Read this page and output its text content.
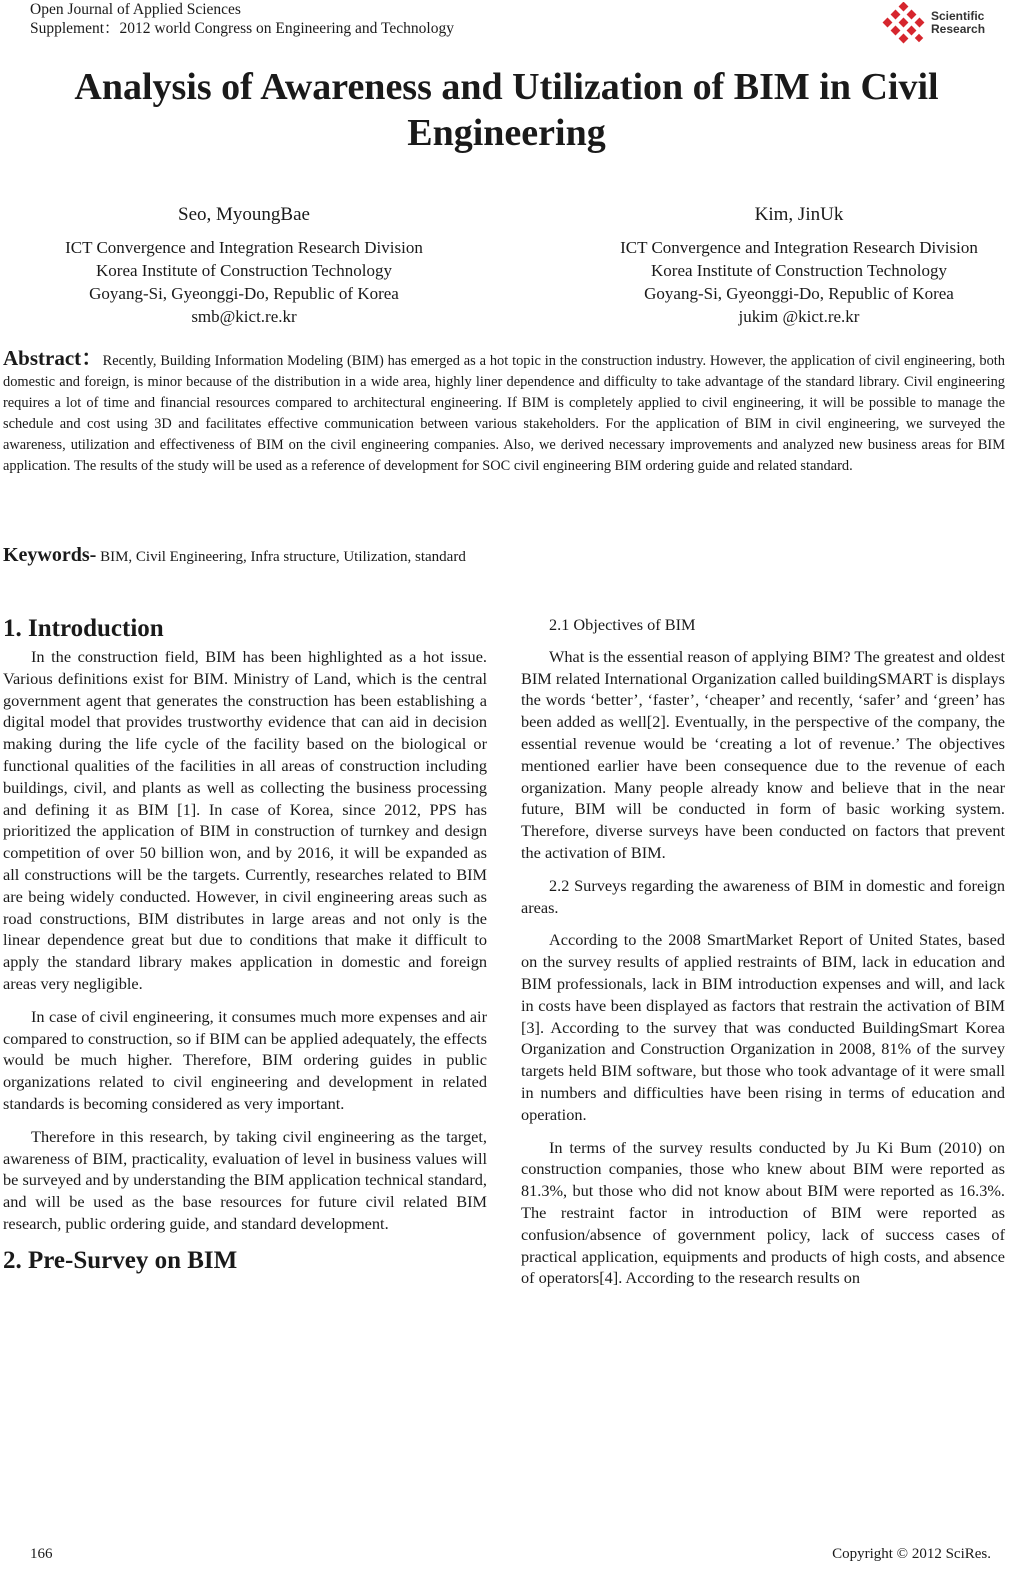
Open Journal of Applied Sciences
Supplement：2012 world Congress on Engineering and Technology
Scientific
Research
Analysis of Awareness and Utilization of BIM in Civil Engineering
Seo, MyoungBae
ICT Convergence and Integration Research Division
Korea Institute of Construction Technology
Goyang-Si, Gyeonggi-Do, Republic of Korea
smb@kict.re.kr
Kim, JinUk
ICT Convergence and Integration Research Division
Korea Institute of Construction Technology
Goyang-Si, Gyeonggi-Do, Republic of Korea
jukim @kict.re.kr
Abstract：Recently, Building Information Modeling (BIM) has emerged as a hot topic in the construction industry. However, the application of civil engineering, both domestic and foreign, is minor because of the distribution in a wide area, highly liner dependence and difficulty to take advantage of the standard library. Civil engineering requires a lot of time and financial resources compared to architectural engineering. If BIM is completely applied to civil engineering, it will be possible to manage the schedule and cost using 3D and facilitates effective communication between various stakeholders. For the application of BIM in civil engineering, we surveyed the awareness, utilization and effectiveness of BIM on the civil engineering companies. Also, we derived necessary improvements and analyzed new business areas for BIM application. The results of the study will be used as a reference of development for SOC civil engineering BIM ordering guide and related standard.
Keywords- BIM, Civil Engineering, Infra structure, Utilization, standard
1. Introduction

In the construction field, BIM has been highlighted as a hot issue. Various definitions exist for BIM. Ministry of Land, which is the central government agent that generates the construction has been establishing a digital model that provides trustworthy evidence that can aid in decision making during the life cycle of the facility based on the biological or functional qualities of the facilities in all areas of construction including buildings, civil, and plants as well as collecting the business processing and defining it as BIM [1]. In case of Korea, since 2012, PPS has prioritized the application of BIM in construction of turnkey and design competition of over 50 billion won, and by 2016, it will be expanded as all constructions will be the targets. Currently, researches related to BIM are being widely conducted. However, in civil engineering areas such as road constructions, BIM distributes in large areas and not only is the linear dependence great but due to conditions that make it difficult to apply the standard library makes application in domestic and foreign areas very negligible.

In case of civil engineering, it consumes much more expenses and air compared to construction, so if BIM can be applied adequately, the effects would be much higher. Therefore, BIM ordering guides in public organizations related to civil engineering and development in related standards is becoming considered as very important.

Therefore in this research, by taking civil engineering as the target, awareness of BIM, practicality, evaluation of level in business values will be surveyed and by understanding the BIM application technical standard, and will be used as the base resources for future civil related BIM research, public ordering guide, and standard development.

2. Pre-Survey on BIM
2.1 Objectives of BIM

What is the essential reason of applying BIM? The greatest and oldest BIM related International Organization called buildingSMART is displays the words ‘better’, ‘faster’, ‘cheaper’ and recently, ‘safer’ and ‘green’ has been added as well[2]. Eventually, in the perspective of the company, the essential revenue would be ‘creating a lot of revenue.’ The objectives mentioned earlier have been consequence due to the revenue of each organization. Many people already know and believe that in the near future, BIM will be conducted in form of basic working system. Therefore, diverse surveys have been conducted on factors that prevent the activation of BIM.

2.2 Surveys regarding the awareness of BIM in domestic and foreign areas.

According to the 2008 SmartMarket Report of United States, based on the survey results of applied restraints of BIM, lack in education and BIM professionals, lack in BIM introduction expenses and will, and lack in costs have been displayed as factors that restrain the activation of BIM [3]. According to the survey that was conducted BuildingSmart Korea Organization and Construction Organization in 2008, 81% of the survey targets held BIM software, but those who took advantage of it were small in numbers and difficulties have been rising in terms of education and operation.

In terms of the survey results conducted by Ju Ki Bum (2010) on construction companies, those who knew about BIM were reported as 81.3%, but those who did not know about BIM were reported as 16.3%. The restraint factor in introduction of BIM were reported as confusion/absence of government policy, lack of success cases of practical application, equipments and products of high costs, and absence of operators[4]. According to the research results on

166	Copyright © 2012 SciRes.
